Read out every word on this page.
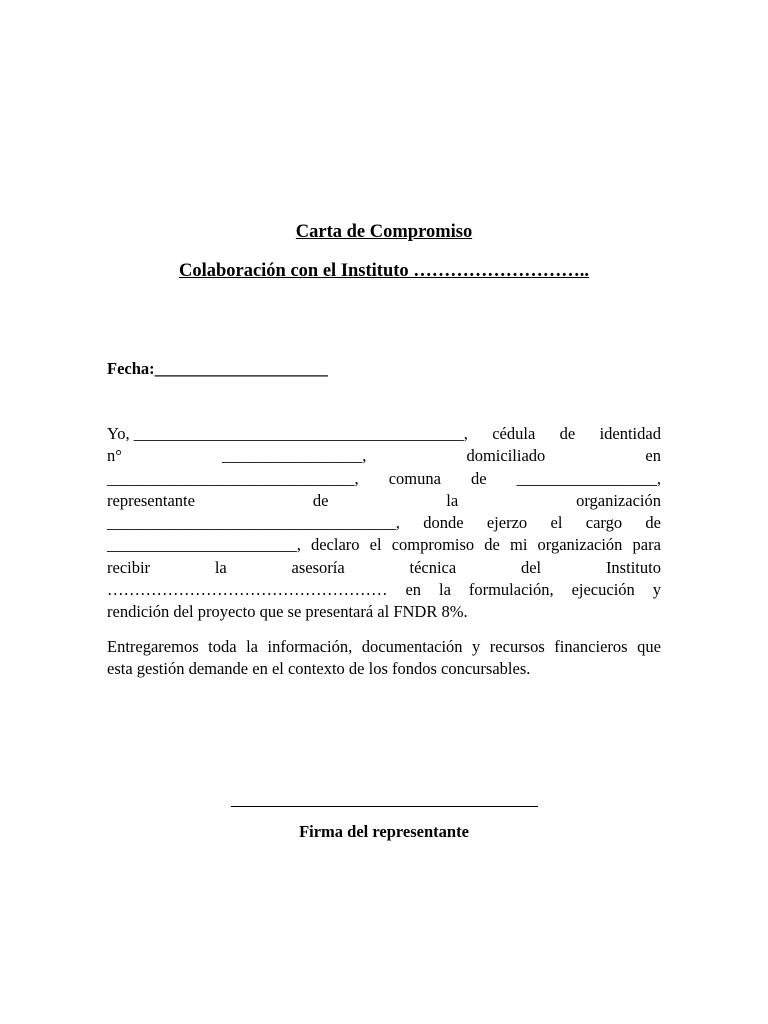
Carta de Compromiso
Colaboración con el Instituto ………………………..
Fecha:_____________________
Yo, ________________________________________, cédula de identidad
n°	_________________,	domiciliado	en
______________________________, comuna de _________________,
representante	de	la	organización
___________________________________, donde ejerzo el cargo de
_______________________, declaro el compromiso de mi organización para
recibir	la	asesoría	técnica	del	Instituto
…………………………………………… en la formulación, ejecución y
rendición del proyecto que se presentará al FNDR 8%.
Entregaremos toda la información, documentación y recursos financieros que
esta gestión demande en el contexto de los fondos concursables.
Firma del representante
